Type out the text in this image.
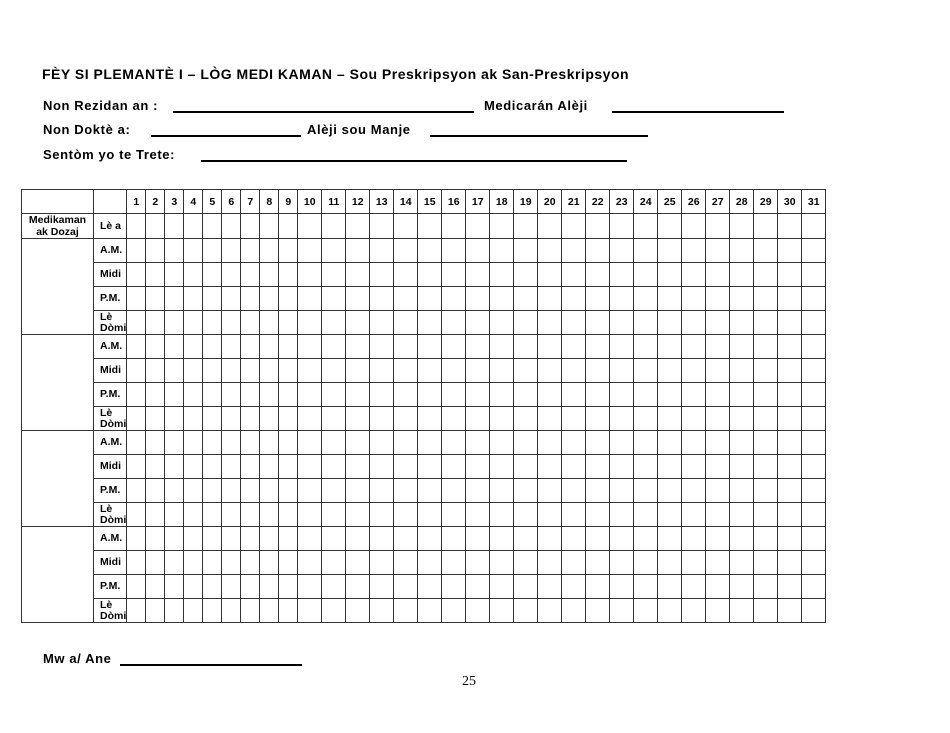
FÈY SI PLEMANTÈ I – LÒG MEDI KAMAN – Sou Preskripsyon ak San-Preskripsyon
Non Rezidan an :	Medicarán Alèji
Non Doktè a:	Alèji sou Manje
Sentòm yo te Trete:
		1	2	3	4	5	6	7	8	9	10	11	12	13	14	15	16	17	18	19	20	21	22	23	24	25	26	27	28	29	30	31
Medikaman ak Dozaj	Lè a																															
	A.M.																															
	Midi																															
	P.M.																															
	Lè
Dòmi																															
	A.M.																															
	Midi																															
	P.M.																															
	Lè
Dòmi																															
	A.M.																															
	Midi																															
	P.M.																															
	Lè
Dòmi																															
	A.M.																															
	Midi																															
	P.M.																															
	Lè
Dòmi																															
Mw a/ Ane
25
